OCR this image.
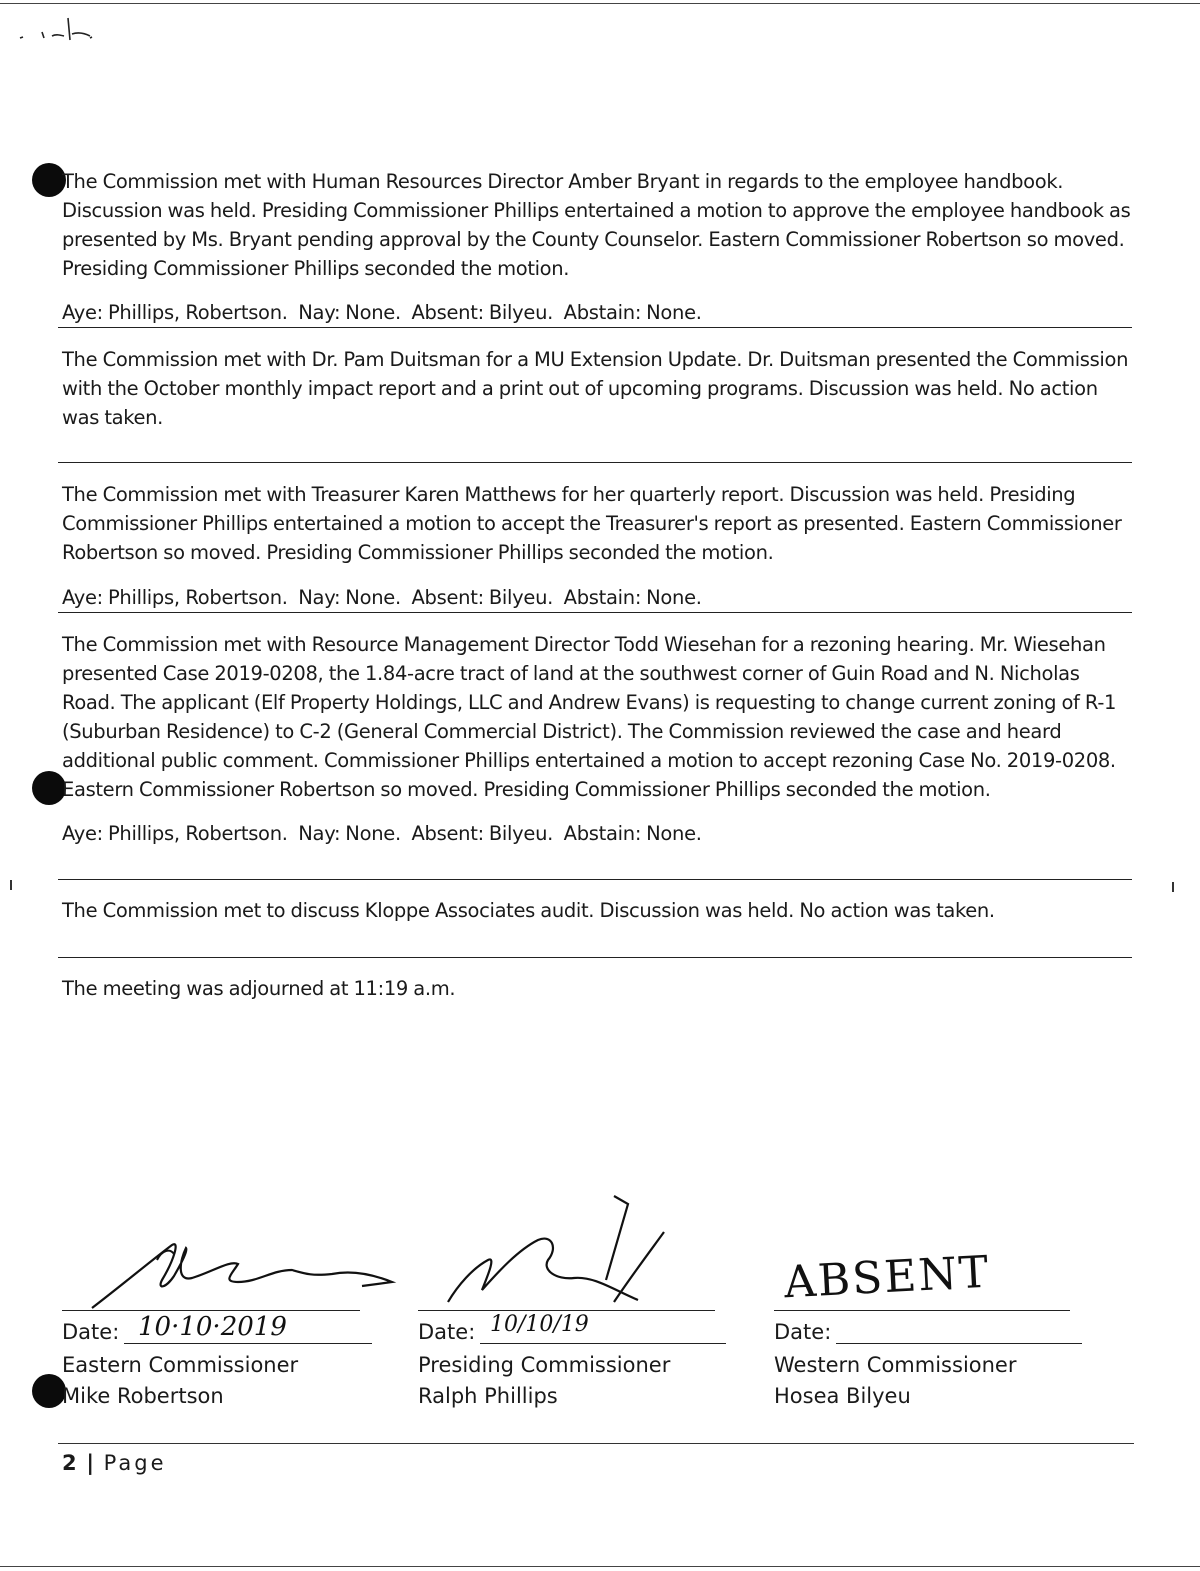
The Commission met with Human Resources Director Amber Bryant in regards to the employee handbook. Discussion was held. Presiding Commissioner Phillips entertained a motion to approve the employee handbook as presented by Ms. Bryant pending approval by the County Counselor. Eastern Commissioner Robertson so moved. Presiding Commissioner Phillips seconded the motion.

Aye: Phillips, Robertson. Nay: None. Absent: Bilyeu. Abstain: None.

The Commission met with Dr. Pam Duitsman for a MU Extension Update. Dr. Duitsman presented the Commission with the October monthly impact report and a print out of upcoming programs. Discussion was held. No action was taken.

The Commission met with Treasurer Karen Matthews for her quarterly report. Discussion was held. Presiding Commissioner Phillips entertained a motion to accept the Treasurer's report as presented. Eastern Commissioner Robertson so moved. Presiding Commissioner Phillips seconded the motion.

Aye: Phillips, Robertson. Nay: None. Absent: Bilyeu. Abstain: None.

The Commission met with Resource Management Director Todd Wiesehan for a rezoning hearing. Mr. Wiesehan presented Case 2019-0208, the 1.84-acre tract of land at the southwest corner of Guin Road and N. Nicholas Road. The applicant (Elf Property Holdings, LLC and Andrew Evans) is requesting to change current zoning of R-1 (Suburban Residence) to C-2 (General Commercial District). The Commission reviewed the case and heard additional public comment. Commissioner Phillips entertained a motion to accept rezoning Case No. 2019-0208. Eastern Commissioner Robertson so moved. Presiding Commissioner Phillips seconded the motion.

Aye: Phillips, Robertson. Nay: None. Absent: Bilyeu. Abstain: None.

The Commission met to discuss Kloppe Associates audit. Discussion was held. No action was taken.

The meeting was adjourned at 11:19 a.m.

Date: 10·10·2019
Eastern Commissioner
Mike Robertson
Date: 10/10/19
Presiding Commissioner
Ralph Phillips
ABSENT
Date:
Western Commissioner
Hosea Bilyeu
2 | Page
